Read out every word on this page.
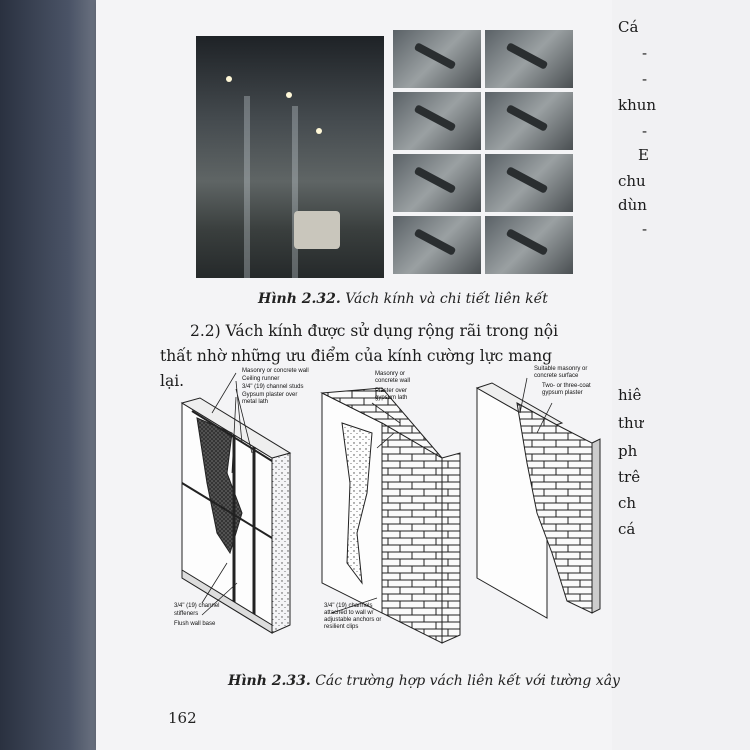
Cá
-
-
khun
-
E
chu
dùn
-
hiê
thư
ph
trê
ch
cá
Hình 2.32. Vách kính và chi tiết liên kết
2.2) Vách kính được sử dụng rộng rãi trong nội thất nhờ những ưu điểm của kính cường lực mang lại.
Masonry or concrete wall
Ceiling runner
3/4" (19) channel studs
Gypsum plaster over
metal lath
3/4" (19) channel
stiffeners
Flush wall base
Masonry or
concrete wall
Plaster over
gypsum lath
3/4" (19) channels
attached to wall w/
adjustable anchors or
resilient clips
Suitable masonry or
concrete surface
Two- or three-coat
gypsum plaster
Hình 2.33. Các trường hợp vách liên kết với tường xây
162
